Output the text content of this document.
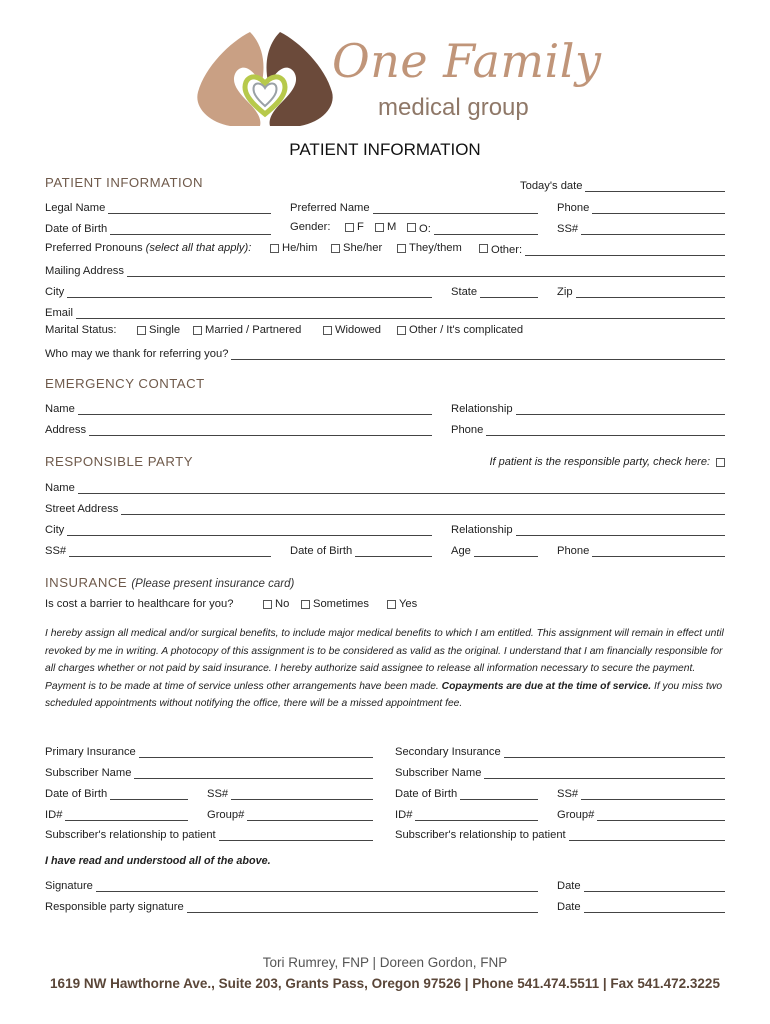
One Family
medical group
PATIENT INFORMATION
PATIENT INFORMATION	Today's date
Legal Name	Preferred Name	Phone
Date of Birth	Gender: F M O:	SS#
Preferred Pronouns (select all that apply):	He/him She/her They/them	Other:
Mailing Address
City	State	Zip
Email
Marital Status:	Single Married / Partnered	Widowed Other / It's complicated
Who may we thank for referring you?
EMERGENCY CONTACT
Name	Relationship
Address	Phone
RESPONSIBLE PARTY	If patient is the responsible party, check here:
Name
Street Address
City	Relationship
SS#	Date of Birth	Age	Phone
INSURANCE (Please present insurance card)
Is cost a barrier to healthcare for you?	No Sometimes	Yes
I hereby assign all medical and/or surgical benefits, to include major medical benefits to which I am entitled. This assignment will remain in effect until revoked by me in writing. A photocopy of this assignment is to be considered as valid as the original. I understand that I am financially responsible for all charges whether or not paid by said insurance. I hereby authorize said assignee to release all information necessary to secure the payment. Payment is to be made at time of service unless other arrangements have been made. Copayments are due at the time of service. If you miss two scheduled appointments without notifying the office, there will be a missed appointment fee.
Primary Insurance	Secondary Insurance
Subscriber Name	Subscriber Name
Date of Birth	SS#	Date of Birth	SS#
ID#	Group#	ID#	Group#
Subscriber's relationship to patient	Subscriber's relationship to patient
I have read and understood all of the above.
Signature	Date
Responsible party signature	Date
Tori Rumrey, FNP | Doreen Gordon, FNP
1619 NW Hawthorne Ave., Suite 203, Grants Pass, Oregon 97526 | Phone 541.474.5511 | Fax 541.472.3225
